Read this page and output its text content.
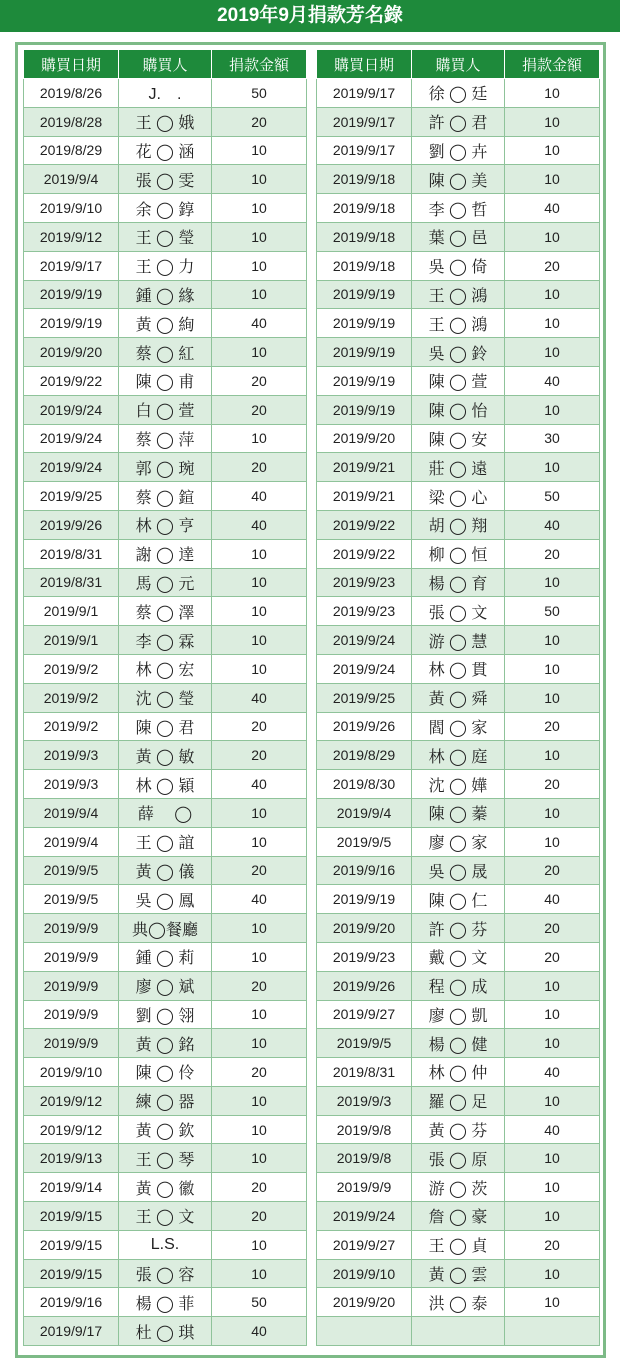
2019年9月捐款芳名錄
購買日期	購買人	捐款金額
2019/8/26	J.　.	50
2019/8/28	王 ◯ 娥	20
2019/8/29	花 ◯ 涵	10
2019/9/4	張 ◯ 雯	10
2019/9/10	余 ◯ 錞	10
2019/9/12	王 ◯ 瑩	10
2019/9/17	王 ◯ 力	10
2019/9/19	鍾 ◯ 緣	10
2019/9/19	黃 ◯ 絢	40
2019/9/20	蔡 ◯ 紅	10
2019/9/22	陳 ◯ 甫	20
2019/9/24	白 ◯ 萱	20
2019/9/24	蔡 ◯ 萍	10
2019/9/24	郭 ◯ 琬	20
2019/9/25	蔡 ◯ 鍹	40
2019/9/26	林 ◯ 亨	40
2019/8/31	謝 ◯ 達	10
2019/8/31	馬 ◯ 元	10
2019/9/1	蔡 ◯ 澤	10
2019/9/1	李 ◯ 霖	10
2019/9/2	林 ◯ 宏	10
2019/9/2	沈 ◯ 瑩	40
2019/9/2	陳 ◯ 君	20
2019/9/3	黃 ◯ 敏	20
2019/9/3	林 ◯ 穎	40
2019/9/4	薛　 ◯	10
2019/9/4	王 ◯ 誼	10
2019/9/5	黃 ◯ 儀	20
2019/9/5	吳 ◯ 鳳	40
2019/9/9	典◯餐廳	10
2019/9/9	鍾 ◯ 莉	10
2019/9/9	廖 ◯ 斌	20
2019/9/9	劉 ◯ 翎	10
2019/9/9	黃 ◯ 銘	10
2019/9/10	陳 ◯ 伶	20
2019/9/12	練 ◯ 器	10
2019/9/12	黃 ◯ 欽	10
2019/9/13	王 ◯ 琴	10
2019/9/14	黃 ◯ 徽	20
2019/9/15	王 ◯ 文	20
2019/9/15	L.S.	10
2019/9/15	張 ◯ 容	10
2019/9/16	楊 ◯ 菲	50
2019/9/17	杜 ◯ 琪	40
購買日期	購買人	捐款金額
2019/9/17	徐 ◯ 廷	10
2019/9/17	許 ◯ 君	10
2019/9/17	劉 ◯ 卉	10
2019/9/18	陳 ◯ 美	10
2019/9/18	李 ◯ 哲	40
2019/9/18	葉 ◯ 邑	10
2019/9/18	吳 ◯ 倚	20
2019/9/19	王 ◯ 鴻	10
2019/9/19	王 ◯ 鴻	10
2019/9/19	吳 ◯ 鈴	10
2019/9/19	陳 ◯ 萱	40
2019/9/19	陳 ◯ 怡	10
2019/9/20	陳 ◯ 安	30
2019/9/21	莊 ◯ 遠	10
2019/9/21	梁 ◯ 心	50
2019/9/22	胡 ◯ 翔	40
2019/9/22	柳 ◯ 恒	20
2019/9/23	楊 ◯ 育	10
2019/9/23	張 ◯ 文	50
2019/9/24	游 ◯ 慧	10
2019/9/24	林 ◯ 貫	10
2019/9/25	黃 ◯ 舜	10
2019/9/26	閻 ◯ 家	20
2019/8/29	林 ◯ 庭	10
2019/8/30	沈 ◯ 嬅	20
2019/9/4	陳 ◯ 蓁	10
2019/9/5	廖 ◯ 家	10
2019/9/16	吳 ◯ 晟	20
2019/9/19	陳 ◯ 仁	40
2019/9/20	許 ◯ 芬	20
2019/9/23	戴 ◯ 文	20
2019/9/26	程 ◯ 成	10
2019/9/27	廖 ◯ 凱	10
2019/9/5	楊 ◯ 健	10
2019/8/31	林 ◯ 仲	40
2019/9/3	羅 ◯ 足	10
2019/9/8	黃 ◯ 芬	40
2019/9/8	張 ◯ 原	10
2019/9/9	游 ◯ 茨	10
2019/9/24	詹 ◯ 豪	10
2019/9/27	王 ◯ 貞	20
2019/9/10	黃 ◯ 雲	10
2019/9/20	洪 ◯ 泰	10
